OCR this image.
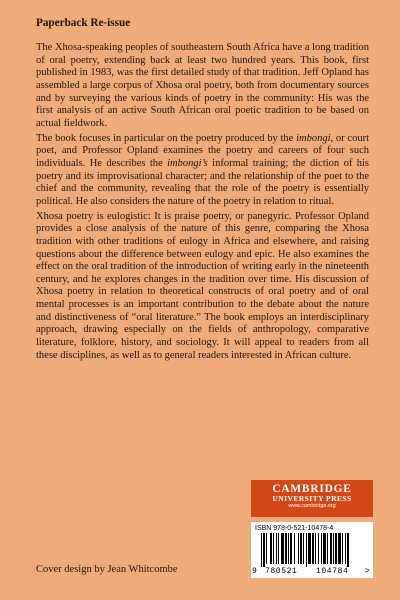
Paperback Re-issue

The Xhosa-speaking peoples of southeastern South Africa have a long tradition of oral poetry, extending back at least two hundred years. This book, first published in 1983, was the first detailed study of that tradition. Jeff Opland has assembled a large corpus of Xhosa oral poetry, both from documentary sources and by surveying the various kinds of poetry in the community: His was the first analysis of an active South African oral poetic tradition to be based on actual fieldwork.

The book focuses in particular on the poetry produced by the imbongi, or court poet, and Professor Opland examines the poetry and careers of four such individuals. He describes the imbongi’s informal training; the diction of his poetry and its improvisational character; and the relationship of the poet to the chief and the community, revealing that the role of the poetry is essentially political. He also considers the nature of the poetry in relation to ritual.

Xhosa poetry is eulogistic: It is praise poetry, or panegyric. Professor Opland provides a close analysis of the nature of this genre, comparing the Xhosa tradition with other traditions of eulogy in Africa and elsewhere, and raising questions about the difference between eulogy and epic. He also examines the effect on the oral tradition of the introduction of writing early in the nineteenth century, and he explores changes in the tradition over time. His discussion of Xhosa poetry in relation to theoretical constructs of oral poetry and of oral mental processes is an important contribution to the debate about the nature and distinctiveness of “oral literature.” The book employs an interdisciplinary approach, drawing especially on the fields of anthropology, comparative literature, folklore, history, and sociology. It will appeal to readers from all these disciplines, as well as to general readers interested in African culture.

CAMBRIDGE
UNIVERSITY PRESS
www.cambridge.org
ISBN 978-0-521-10478-4
9 780521 104784 >
Cover design by Jean Whitcombe
